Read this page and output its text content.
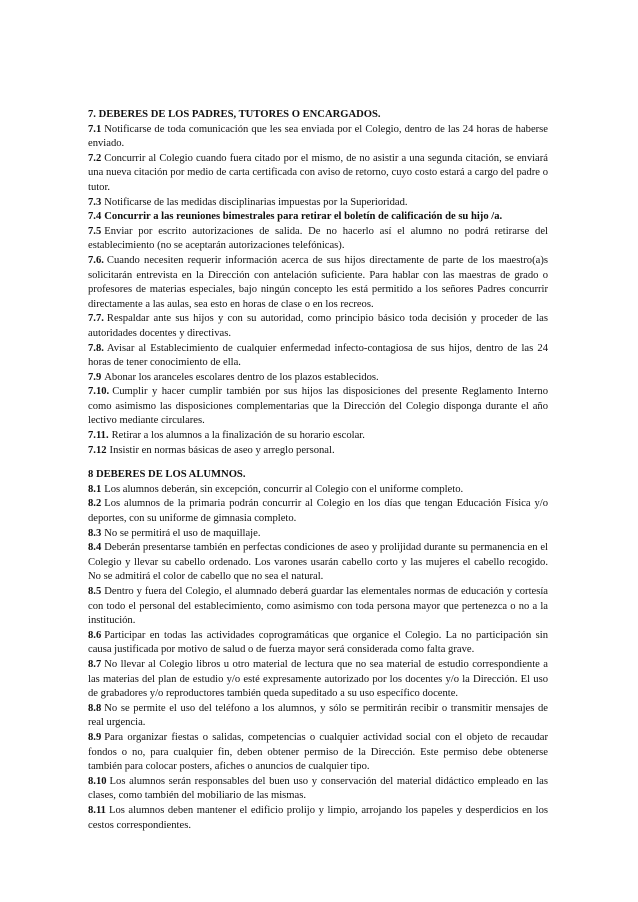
7. DEBERES DE LOS PADRES, TUTORES O ENCARGADOS.

7.1 Notificarse de toda comunicación que les sea enviada por el Colegio, dentro de las 24 horas de haberse enviado.

7.2 Concurrir al Colegio cuando fuera citado por el mismo, de no asistir a una segunda citación, se enviará una nueva citación por medio de carta certificada con aviso de retorno, cuyo costo estará a cargo del padre o tutor.

7.3 Notificarse de las medidas disciplinarias impuestas por la Superioridad.

7.4 Concurrir a las reuniones bimestrales para retirar el boletín de calificación de su hijo /a.

7.5 Enviar por escrito autorizaciones de salida. De no hacerlo así el alumno no podrá retirarse del establecimiento (no se aceptarán autorizaciones telefónicas).

7.6. Cuando necesiten requerir información acerca de sus hijos directamente de parte de los maestro(a)s solicitarán entrevista en la Dirección con antelación suficiente. Para hablar con las maestras de grado o profesores de materias especiales, bajo ningún concepto les está permitido a los señores Padres concurrir directamente a las aulas, sea esto en horas de clase o en los recreos.

7.7. Respaldar ante sus hijos y con su autoridad, como principio básico toda decisión y proceder de las autoridades docentes y directivas.

7.8. Avisar al Establecimiento de cualquier enfermedad infecto-contagiosa de sus hijos, dentro de las 24 horas de tener conocimiento de ella.

7.9 Abonar los aranceles escolares dentro de los plazos establecidos.

7.10. Cumplir y hacer cumplir también por sus hijos las disposiciones del presente Reglamento Interno como asimismo las disposiciones complementarias que la Dirección del Colegio disponga durante el año lectivo mediante circulares.

7.11. Retirar a los alumnos a la finalización de su horario escolar.

7.12 Insistir en normas básicas de aseo y arreglo personal.

8 DEBERES DE LOS ALUMNOS.

8.1 Los alumnos deberán, sin excepción, concurrir al Colegio con el uniforme completo.

8.2 Los alumnos de la primaria podrán concurrir al Colegio en los días que tengan Educación Física y/o deportes, con su uniforme de gimnasia completo.

8.3 No se permitirá el uso de maquillaje.

8.4 Deberán presentarse también en perfectas condiciones de aseo y prolijidad durante su permanencia en el Colegio y llevar su cabello ordenado. Los varones usarán cabello corto y las mujeres el cabello recogido. No se admitirá el color de cabello que no sea el natural.

8.5 Dentro y fuera del Colegio, el alumnado deberá guardar las elementales normas de educación y cortesía con todo el personal del establecimiento, como asimismo con toda persona mayor que pertenezca o no a la institución.

8.6 Participar en todas las actividades coprogramáticas que organice el Colegio. La no participación sin causa justificada por motivo de salud o de fuerza mayor será considerada como falta grave.

8.7 No llevar al Colegio libros u otro material de lectura que no sea material de estudio correspondiente a las materias del plan de estudio y/o esté expresamente autorizado por los docentes y/o la Dirección. El uso de grabadores y/o reproductores también queda supeditado a su uso específico docente.

8.8 No se permite el uso del teléfono a los alumnos, y sólo se permitirán recibir o transmitir mensajes de real urgencia.

8.9 Para organizar fiestas o salidas, competencias o cualquier actividad social con el objeto de recaudar fondos o no, para cualquier fin, deben obtener permiso de la Dirección. Este permiso debe obtenerse también para colocar posters, afiches o anuncios de cualquier tipo.

8.10 Los alumnos serán responsables del buen uso y conservación del material didáctico empleado en las clases, como también del mobiliario de las mismas.

8.11 Los alumnos deben mantener el edificio prolijo y limpio, arrojando los papeles y desperdicios en los cestos correspondientes.
